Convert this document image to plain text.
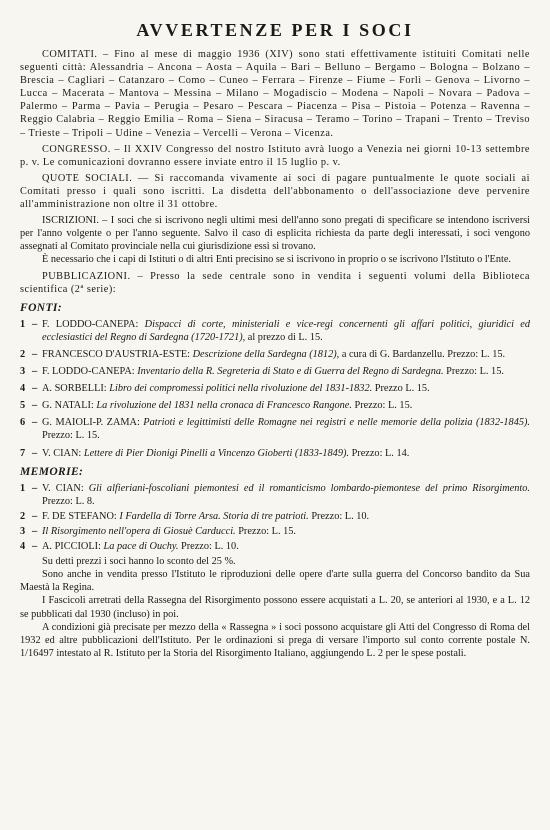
AVVERTENZE PER I SOCI

COMITATI. – Fino al mese di maggio 1936 (XIV) sono stati effettivamente istituiti Comitati nelle seguenti città: Alessandria – Ancona – Aosta – Aquila – Bari – Belluno – Bergamo – Bologna – Bolzano – Brescia – Cagliari – Catanzaro – Como – Cuneo – Ferrara – Firenze – Fiume – Forlì – Genova – Livorno – Lucca – Macerata – Mantova – Messina – Milano – Mogadiscio – Modena – Napoli – Novara – Padova – Palermo – Parma – Pavia – Perugia – Pesaro – Pescara – Piacenza – Pisa – Pistoia – Potenza – Ravenna – Reggio Calabria – Reggio Emilia – Roma – Siena – Siracusa – Teramo – Torino – Trapani – Trento – Treviso – Trieste – Tripoli – Udine – Venezia – Vercelli – Verona – Vicenza.

CONGRESSO. – Il XXIV Congresso del nostro Istituto avrà luogo a Venezia nei giorni 10-13 settembre p. v. Le comunicazioni dovranno essere inviate entro il 15 luglio p. v.

QUOTE SOCIALI. — Si raccomanda vivamente ai soci di pagare puntualmente le quote sociali ai Comitati presso i quali sono iscritti. La disdetta dell'abbonamento o dell'associazione deve pervenire all'amministrazione non oltre il 31 ottobre.

ISCRIZIONI. – I soci che si iscrivono negli ultimi mesi dell'anno sono pregati di specificare se intendono iscriversi per l'anno volgente o per l'anno seguente. Salvo il caso di esplicita richiesta da parte degli interessati, i soci vengono assegnati al Comitato provinciale nella cui giurisdizione essi si trovano.

È necessario che i capi di Istituti o di altri Enti precisino se si iscrivono in proprio o se iscrivono l'Istituto o l'Ente.

PUBBLICAZIONI. – Presso la sede centrale sono in vendita i seguenti volumi della Biblioteca scientifica (2ª serie):

FONTI:
1 – F. LODDO-CANEPA: Dispacci di corte, ministeriali e vice-regi concernenti gli affari politici, giuridici ed ecclesiastici del Regno di Sardegna (1720-1721), al prezzo di L. 15.
2 – FRANCESCO D'AUSTRIA-ESTE: Descrizione della Sardegna (1812), a cura di G. Bardanzellu. Prezzo: L. 15.
3 – F. LODDO-CANEPA: Inventario della R. Segreteria di Stato e di Guerra del Regno di Sardegna. Prezzo: L. 15.
4 – A. SORBELLI: Libro dei compromessi politici nella rivoluzione del 1831-1832. Prezzo L. 15.
5 – G. NATALI: La rivoluzione del 1831 nella cronaca di Francesco Rangone. Prezzo: L. 15.
6 – G. MAIOLI-P. ZAMA: Patrioti e legittimisti delle Romagne nei registri e nelle memorie della polizia (1832-1845). Prezzo: L. 15.
7 – V. CIAN: Lettere di Pier Dionigi Pinelli a Vincenzo Gioberti (1833-1849). Prezzo: L. 14.
MEMORIE:
1 – V. CIAN: Gli alfieriani-foscoliani piemontesi ed il romanticismo lombardo-piemontese del primo Risorgimento. Prezzo: L. 8.
2 – F. DE STEFANO: I Fardella di Torre Arsa. Storia di tre patrioti. Prezzo: L. 10.
3 – Il Risorgimento nell'opera di Giosuè Carducci. Prezzo: L. 15.
4 – A. PICCIOLI: La pace di Ouchy. Prezzo: L. 10.

Su detti prezzi i soci hanno lo sconto del 25 %.

Sono anche in vendita presso l'Istituto le riproduzioni delle opere d'arte sulla guerra del Concorso bandito da Sua Maestà la Regina.

I Fascicoli arretrati della Rassegna del Risorgimento possono essere acquistati a L. 20, se anteriori al 1930, e a L. 12 se pubblicati dal 1930 (incluso) in poi.

A condizioni già precisate per mezzo della « Rassegna » i soci possono acquistare gli Atti del Congresso di Roma del 1932 ed altre pubblicazioni dell'Istituto. Per le ordinazioni si prega di versare l'importo sul conto corrente postale N. 1/16497 intestato al R. Istituto per la Storia del Risorgimento Italiano, aggiungendo L. 2 per le spese postali.
